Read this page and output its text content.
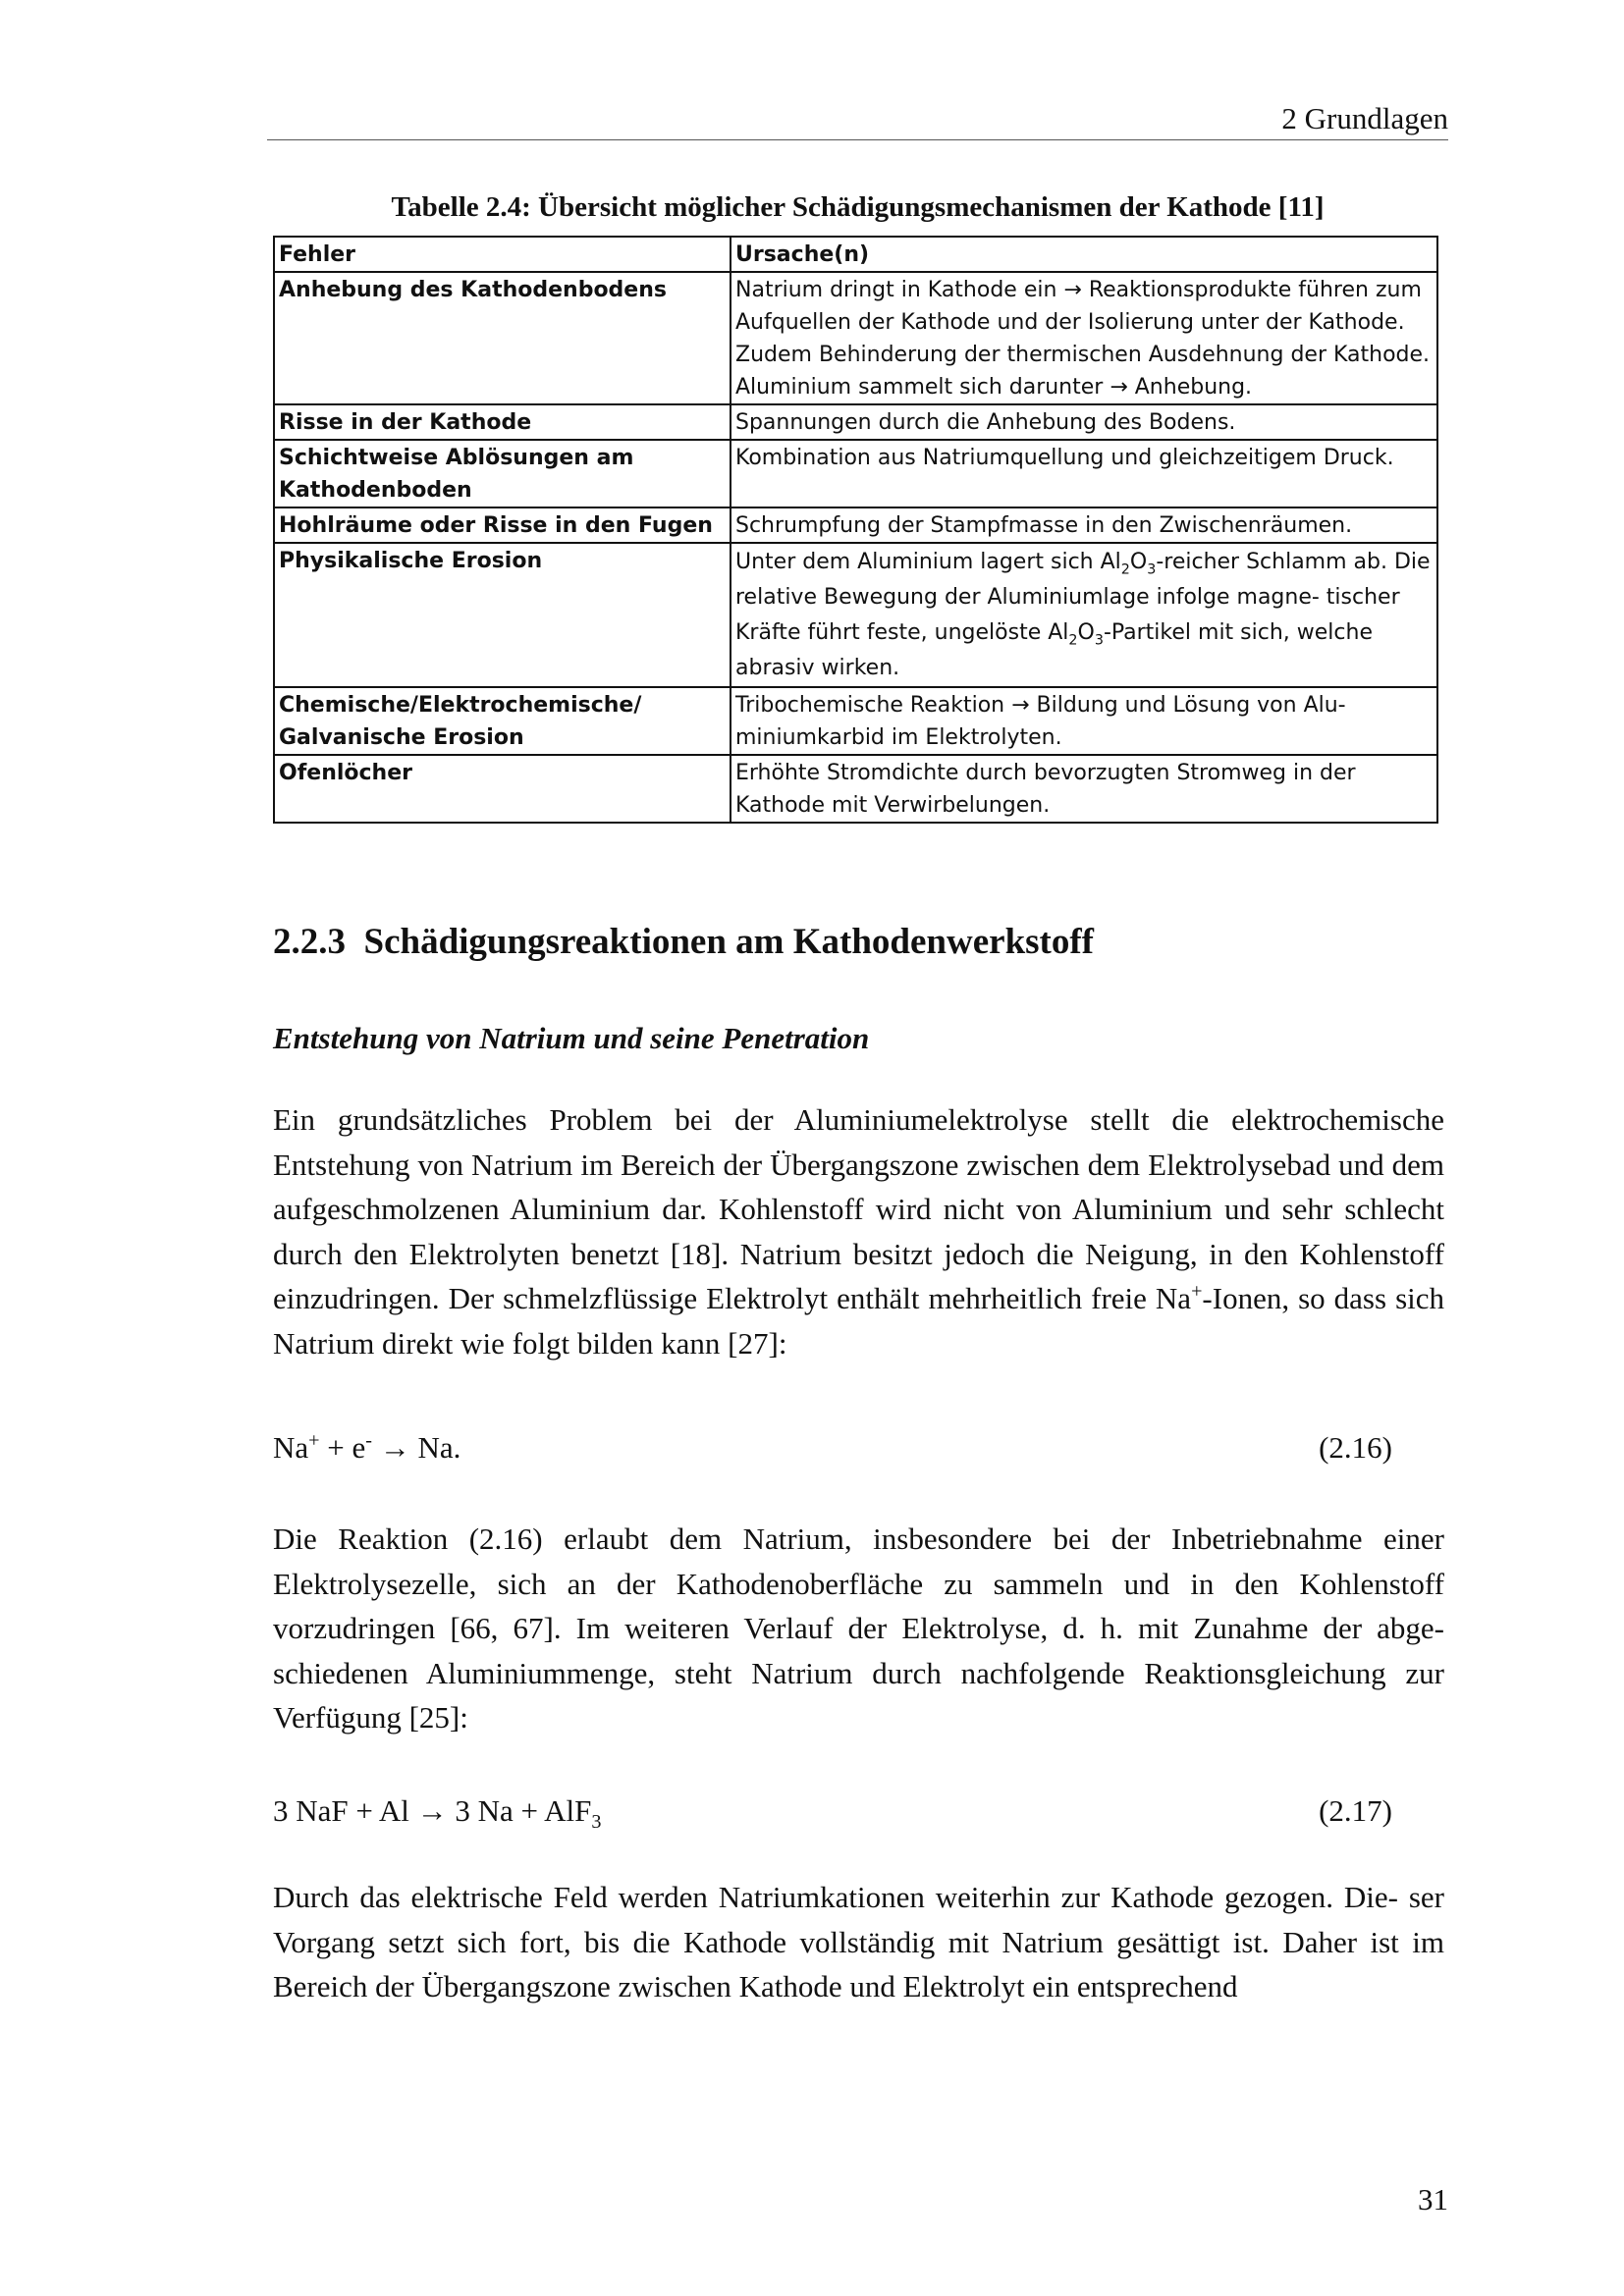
2 Grundlagen
Tabelle 2.4: Übersicht möglicher Schädigungsmechanismen der Kathode [11]
Fehler	Ursache(n)
Anhebung des Kathodenbodens	Natrium dringt in Kathode ein → Reaktionsprodukte führen zum Aufquellen der Kathode und der Isolierung unter der Kathode. Zudem Behinderung der thermischen Ausdehnung der Kathode. Aluminium sammelt sich darunter → Anhebung.
Risse in der Kathode	Spannungen durch die Anhebung des Bodens.
Schichtweise Ablösungen am Kathodenboden	Kombination aus Natriumquellung und gleichzeitigem Druck.
Hohlräume oder Risse in den Fugen	Schrumpfung der Stampfmasse in den Zwischenräumen.
Physikalische Erosion	Unter dem Aluminium lagert sich $Al_2O_3$-reicher Schlamm ab. Die relative Bewegung der Aluminiumlage infolge magne- tischer Kräfte führt feste, ungelöste $Al_2O_3$-Partikel mit sich, welche abrasiv wirken.
Chemische/Elektrochemische/ Galvanische Erosion	Tribochemische Reaktion → Bildung und Lösung von Alu- miniumkarbid im Elektrolyten.
Ofenlöcher	Erhöhte Stromdichte durch bevorzugten Stromweg in der Kathode mit Verwirbelungen.
2.2.3  Schädigungsreaktionen am Kathodenwerkstoff
Entstehung von Natrium und seine Penetration
Ein grundsätzliches Problem bei der Aluminiumelektrolyse stellt die elektrochemische Entstehung von Natrium im Bereich der Übergangszone zwischen dem Elektrolysebad und dem aufgeschmolzenen Aluminium dar. Kohlenstoff wird nicht von Aluminium und sehr schlecht durch den Elektrolyten benetzt [18]. Natrium besitzt jedoch die Neigung, in den Kohlenstoff einzudringen. Der schmelzflüssige Elektrolyt enthält mehrheitlich freie Na+-Ionen, so dass sich Natrium direkt wie folgt bilden kann [27]:
Na+ + e- → Na.	(2.16)
Die Reaktion (2.16) erlaubt dem Natrium, insbesondere bei der Inbetriebnahme einer Elektrolysezelle, sich an der Kathodenoberfläche zu sammeln und in den Kohlenstoff vorzudringen [66, 67]. Im weiteren Verlauf der Elektrolyse, d. h. mit Zunahme der abge- schiedenen Aluminiummenge, steht Natrium durch nachfolgende Reaktionsgleichung zur Verfügung [25]:
3 NaF + Al → 3 Na + AlF$_3$	(2.17)
Durch das elektrische Feld werden Natriumkationen weiterhin zur Kathode gezogen. Die- ser Vorgang setzt sich fort, bis die Kathode vollständig mit Natrium gesättigt ist. Daher ist im Bereich der Übergangszone zwischen Kathode und Elektrolyt ein entsprechend
31
